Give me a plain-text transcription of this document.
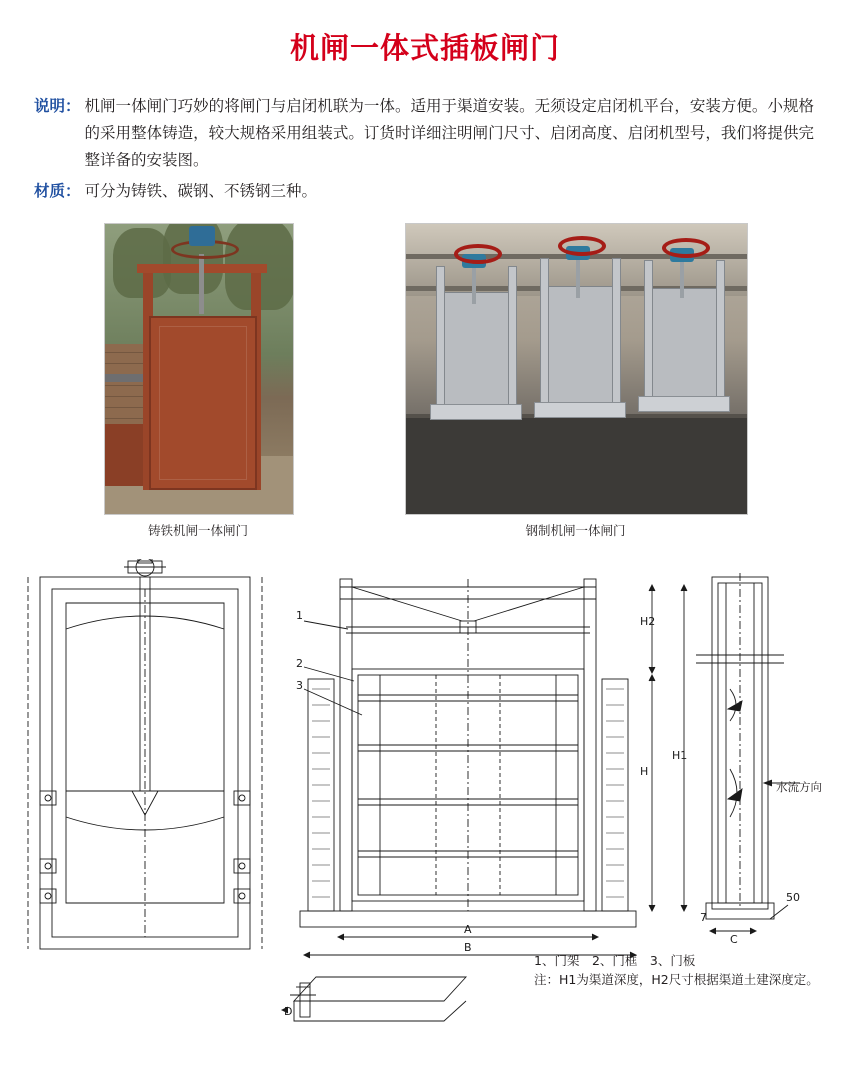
机闸一体式插板闸门
说明： 机闸一体闸门巧妙的将闸门与启闭机联为一体。适用于渠道安装。无须设定启闭机平台，安装方便。小规格的采用整体铸造，较大规格采用组装式。订货时详细注明闸门尺寸、启闭高度、启闭机型号，我们将提供完整详备的安装图。
材质： 可分为铸铁、碳钢、不锈钢三种。
铸铁机闸一体闸门	钢制机闸一体闸门
1
2
3
H2
H
H1
A
B
C
7
50
D
水流方向
1、门架　2、门框　3、门板
注：H1为渠道深度，H2尺寸根据渠道土建深度定。
